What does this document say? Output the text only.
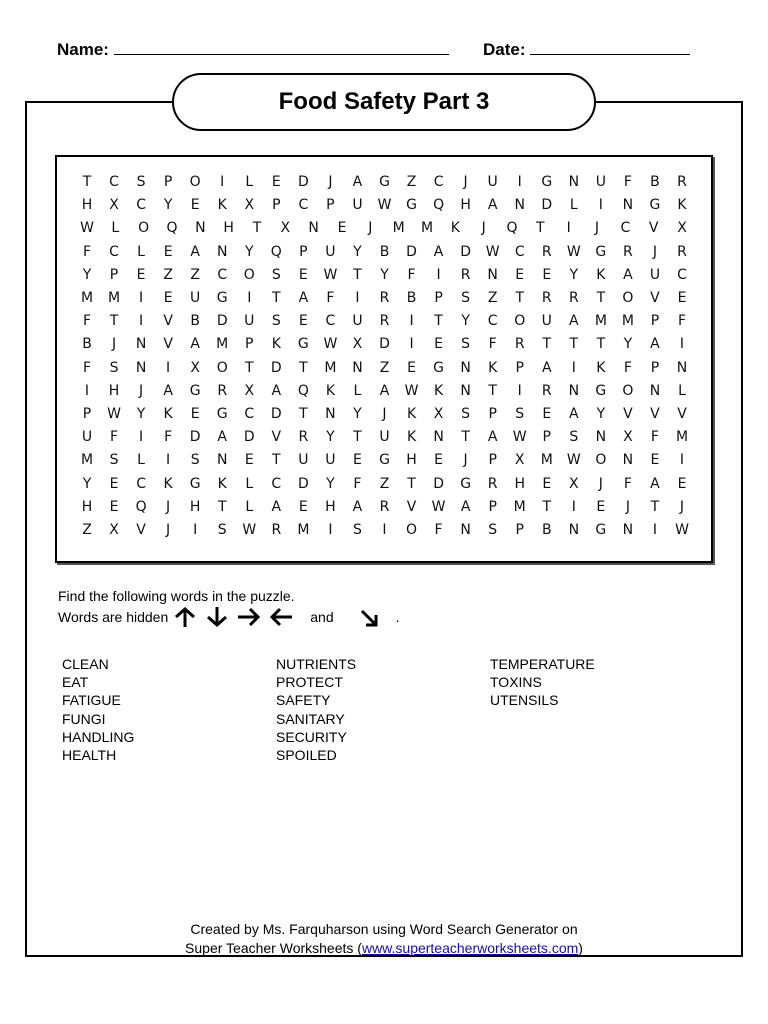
Name:	Date:
Food Safety Part 3
T	C	S	P	O	I	L	E	D	J	A	G	Z	C	J	U	I	G	N	U	F	B	R
H	X	C	Y	E	K	X	P	C	P	U	W	G	Q	H	A	N	D	L	I	N	G	K
W	L	O	Q	N	H	T	X	N	E	J	M	M	K	J	Q	T	I	J	C	V	X
F	C	L	E	A	N	Y	Q	P	U	Y	B	D	A	D	W	C	R	W	G	R	J	R
Y	P	E	Z	Z	C	O	S	E	W	T	Y	F	I	R	N	E	E	Y	K	A	U	C
M	M	I	E	U	G	I	T	A	F	I	R	B	P	S	Z	T	R	R	T	O	V	E
F	T	I	V	B	D	U	S	E	C	U	R	I	T	Y	C	O	U	A	M	M	P	F
B	J	N	V	A	M	P	K	G	W	X	D	I	E	S	F	R	T	T	T	Y	A	I
F	S	N	I	X	O	T	D	T	M	N	Z	E	G	N	K	P	A	I	K	F	P	N
I	H	J	A	G	R	X	A	Q	K	L	A	W	K	N	T	I	R	N	G	O	N	L
P	W	Y	K	E	G	C	D	T	N	Y	J	K	X	S	P	S	E	A	Y	V	V	V
U	F	I	F	D	A	D	V	R	Y	T	U	K	N	T	A	W	P	S	N	X	F	M
M	S	L	I	S	N	E	T	U	U	E	G	H	E	J	P	X	M	W	O	N	E	I
Y	E	C	K	G	K	L	C	D	Y	F	Z	T	D	G	R	H	E	X	J	F	A	E
H	E	Q	J	H	T	L	A	E	H	A	R	V	W	A	P	M	T	I	E	J	T	J
Z	X	V	J	I	S	W	R	M	I	S	I	O	F	N	S	P	B	N	G	N	I	W
Find the following words in the puzzle.
Words are hidden	and	.
CLEAN
EAT
FATIGUE
FUNGI
HANDLING
HEALTH
NUTRIENTS
PROTECT
SAFETY
SANITARY
SECURITY
SPOILED
TEMPERATURE
TOXINS
UTENSILS
Created by Ms. Farquharson using Word Search Generator on
Super Teacher Worksheets (www.superteacherworksheets.com)
